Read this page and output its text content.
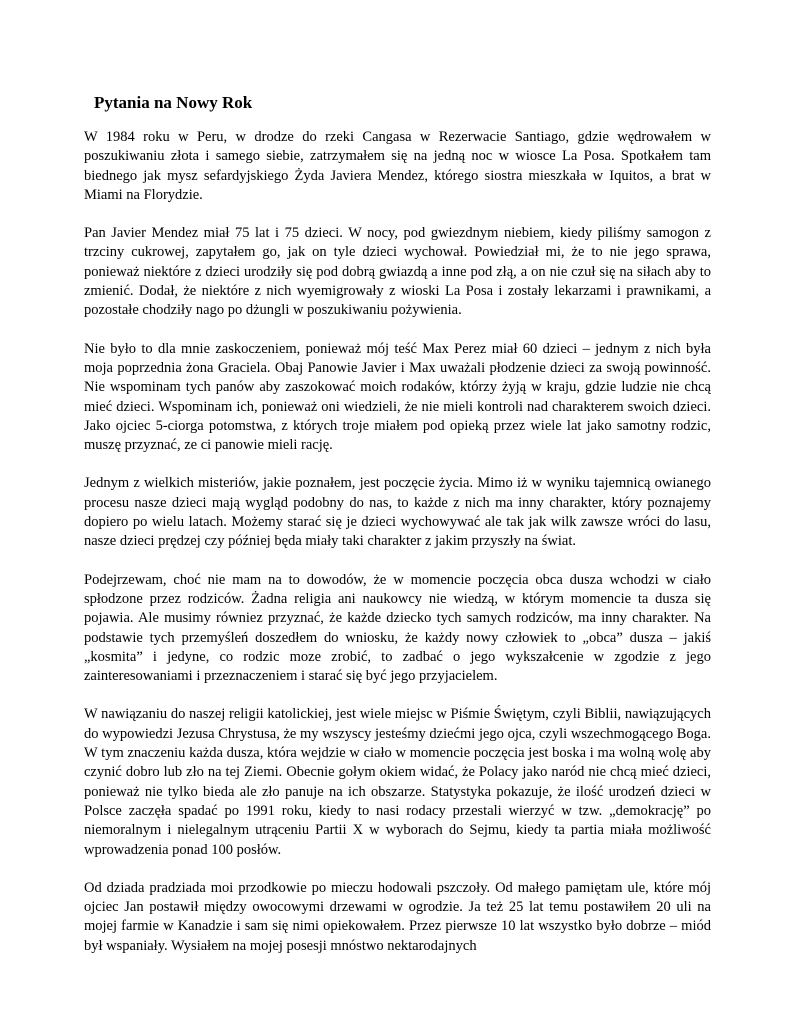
Pytania na Nowy Rok

W 1984 roku w Peru, w drodze do rzeki Cangasa w Rezerwacie Santiago, gdzie wędrowałem w poszukiwaniu złota i samego siebie, zatrzymałem się na jedną noc w wiosce La Posa. Spotkałem tam biednego jak mysz sefardyjskiego Żyda Javiera Mendez, którego siostra mieszkała w Iquitos, a brat w Miami na Florydzie.

Pan Javier Mendez miał 75 lat i 75 dzieci. W nocy, pod gwiezdnym niebiem, kiedy piliśmy samogon z trzciny cukrowej, zapytałem go, jak on tyle dzieci wychował. Powiedział mi, że to nie jego sprawa, ponieważ niektóre z dzieci urodziły się pod dobrą gwiazdą a inne pod złą, a on nie czuł się na siłach aby to zmienić. Dodał, że niektóre z nich wyemigrowały z wioski La Posa i zostały lekarzami i prawnikami, a pozostałe chodziły nago po dżungli w poszukiwaniu pożywienia.

Nie było to dla mnie zaskoczeniem, ponieważ mój teść Max Perez miał 60 dzieci – jednym z nich była moja poprzednia żona Graciela. Obaj Panowie Javier i Max uważali płodzenie dzieci za swoją powinność. Nie wspominam tych panów aby zaszokować moich rodaków, którzy żyją w kraju, gdzie ludzie nie chcą mieć dzieci. Wspominam ich, ponieważ oni wiedzieli, że nie mieli kontroli nad charakterem swoich dzieci. Jako ojciec 5-ciorga potomstwa, z których troje miałem pod opieką przez wiele lat jako samotny rodzic, muszę przyznać, ze ci panowie mieli rację.

Jednym z wielkich misteriów, jakie poznałem, jest poczęcie życia. Mimo iż w wyniku tajemnicą owianego procesu nasze dzieci mają wygląd podobny do nas, to każde z nich ma inny charakter, który poznajemy dopiero po wielu latach. Możemy starać się je dzieci wychowywać ale tak jak wilk zawsze wróci do lasu, nasze dzieci prędzej czy później będa miały taki charakter z jakim przyszły na świat.

Podejrzewam, choć nie mam na to dowodów, że w momencie poczęcia obca dusza wchodzi w ciało spłodzone przez rodziców. Żadna religia ani naukowcy nie wiedzą, w którym momencie ta dusza się pojawia. Ale musimy równiez przyznać, że każde dziecko tych samych rodziców, ma inny charakter. Na podstawie tych przemyśleń doszedłem do wniosku, że każdy nowy człowiek to „obca” dusza – jakiś „kosmita” i jedyne, co rodzic moze zrobić, to zadbać o jego wykszałcenie w zgodzie z jego zainteresowaniami i przeznaczeniem i starać się być jego przyjacielem.

W nawiązaniu do naszej religii katolickiej, jest wiele miejsc w Piśmie Świętym, czyli Biblii, nawiązujących do wypowiedzi Jezusa Chrystusa, że my wszyscy jesteśmy dziećmi jego ojca, czyli wszechmogącego Boga. W tym znaczeniu każda dusza, która wejdzie w ciało w momencie poczęcia jest boska i ma wolną wolę aby czynić dobro lub zło na tej Ziemi. Obecnie gołym okiem widać, że Polacy jako naród nie chcą mieć dzieci, ponieważ nie tylko bieda ale zło panuje na ich obszarze. Statystyka pokazuje, że ilość urodzeń dzieci w Polsce zaczęła spadać po 1991 roku, kiedy to nasi rodacy przestali wierzyć w tzw. „demokrację” po niemoralnym i nielegalnym utrąceniu Partii X w wyborach do Sejmu, kiedy ta partia miała możliwość wprowadzenia ponad 100 posłów.

Od dziada pradziada moi przodkowie po mieczu hodowali pszczoły. Od małego pamiętam ule, które mój ojciec Jan postawił między owocowymi drzewami w ogrodzie. Ja też 25 lat temu postawiłem 20 uli na mojej farmie w Kanadzie i sam się nimi opiekowałem. Przez pierwsze 10 lat wszystko było dobrze – miód był wspaniały. Wysiałem na mojej posesji mnóstwo nektarodajnych
